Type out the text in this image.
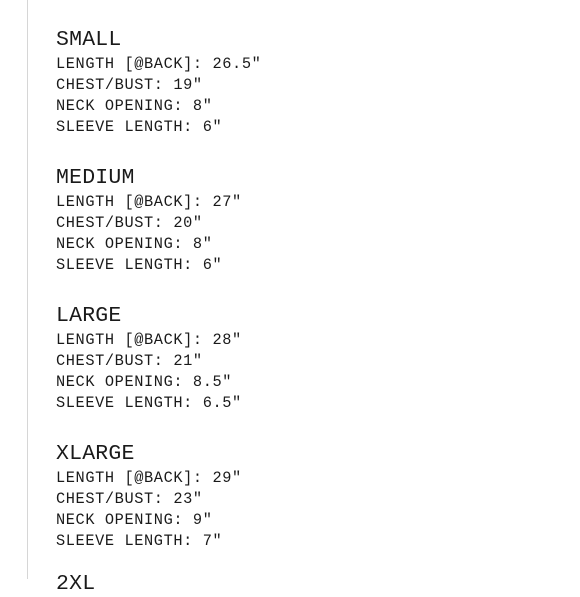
SMALL
LENGTH [@BACK]: 26.5″
CHEST/BUST: 19″
NECK OPENING: 8″
SLEEVE LENGTH: 6″
MEDIUM
LENGTH [@BACK]: 27″
CHEST/BUST: 20″
NECK OPENING: 8″
SLEEVE LENGTH: 6″
LARGE
LENGTH [@BACK]: 28″
CHEST/BUST: 21″
NECK OPENING: 8.5″
SLEEVE LENGTH: 6.5″
XLARGE
LENGTH [@BACK]: 29″
CHEST/BUST: 23″
NECK OPENING: 9″
SLEEVE LENGTH: 7″
2XL
